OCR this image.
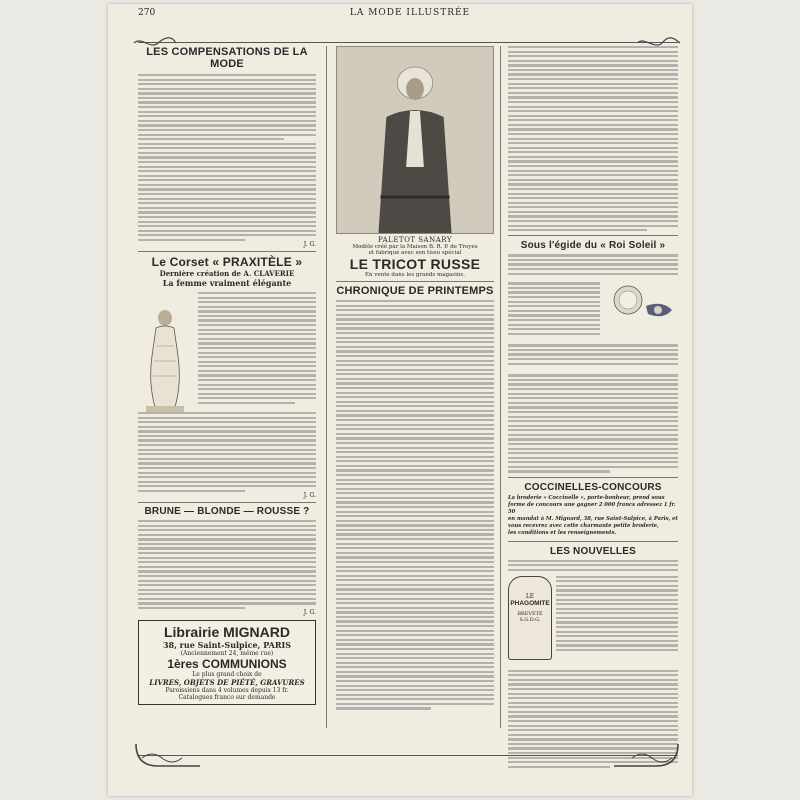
270	LA MODE ILLUSTRÉE
LES COMPENSATIONS DE LA MODE
J. G.
Le Corset « PRAXITÈLE »
Dernière création de A. CLAVERIE
La femme vraiment élégante
J. G.
BRUNE — BLONDE — ROUSSE ?
J. G.
Librairie MIGNARD
38, rue Saint-Sulpice, PARIS
(Anciennement 24, même rue)
1ères COMMUNIONS
Le plus grand choix de
LIVRES, OBJETS DE PIÉTÉ, GRAVURES
Paroissiens dans 4 volumes depuis 13 fr.
Catalogues franco sur demande
PALETOT SANARY
Modèle créé par la Maison B. R. P. de Troyes
et fabriqué avec son tissu spécial
LE TRICOT RUSSE
En vente dans les grands magasins.
CHRONIQUE DE PRINTEMPS
Sous l'égide du « Roi Soleil »
COCCINELLES-CONCOURS
La broderie « Coccinelle », porte-bonheur, prend sous
forme de concours une gagner 2 000 francs adressez 1 fr. 50
en mandat à M. Mignard, 38, rue Saint-Sulpice, à Paris, et
vous recevrez avec cette charmante petite broderie,
les conditions et les renseignements.
LES NOUVELLES
LE
PHAGOMITE
BREVETÉ
S.G.D.G.
